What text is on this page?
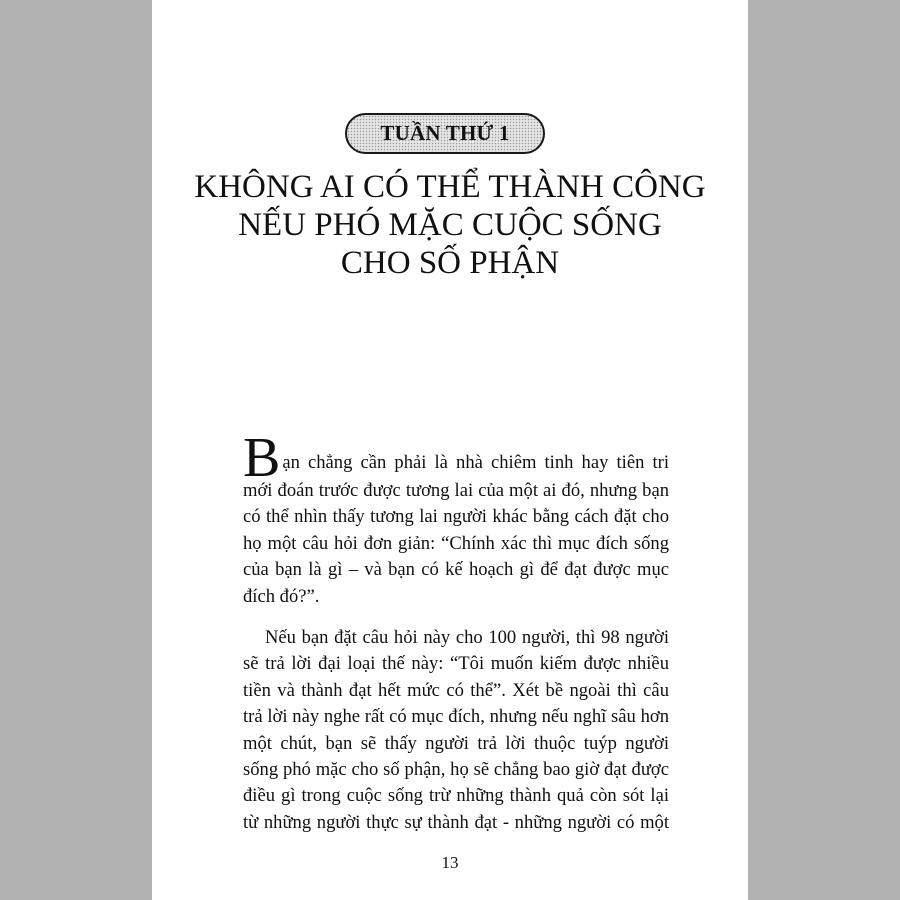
TUẦN THỨ 1
KHÔNG AI CÓ THỂ THÀNH CÔNG
NẾU PHÓ MẶC CUỘC SỐNG
CHO SỐ PHẬN

B ạn chẳng cần phải là nhà chiêm tinh hay tiên tri
mới đoán trước được tương lai của một ai đó, nhưng bạn
có thể nhìn thấy tương lai người khác bằng cách đặt cho
họ một câu hỏi đơn giản: “Chính xác thì mục đích sống
của bạn là gì – và bạn có kế hoạch gì để đạt được mục
đích đó?”.

Nếu bạn đặt câu hỏi này cho 100 người, thì 98 người
sẽ trả lời đại loại thế này: “Tôi muốn kiếm được nhiều
tiền và thành đạt hết mức có thể”. Xét bề ngoài thì câu
trả lời này nghe rất có mục đích, nhưng nếu nghĩ sâu hơn
một chút, bạn sẽ thấy người trả lời thuộc tuýp người
sống phó mặc cho số phận, họ sẽ chẳng bao giờ đạt được
điều gì trong cuộc sống trừ những thành quả còn sót lại
từ những người thực sự thành đạt - những người có một

13
